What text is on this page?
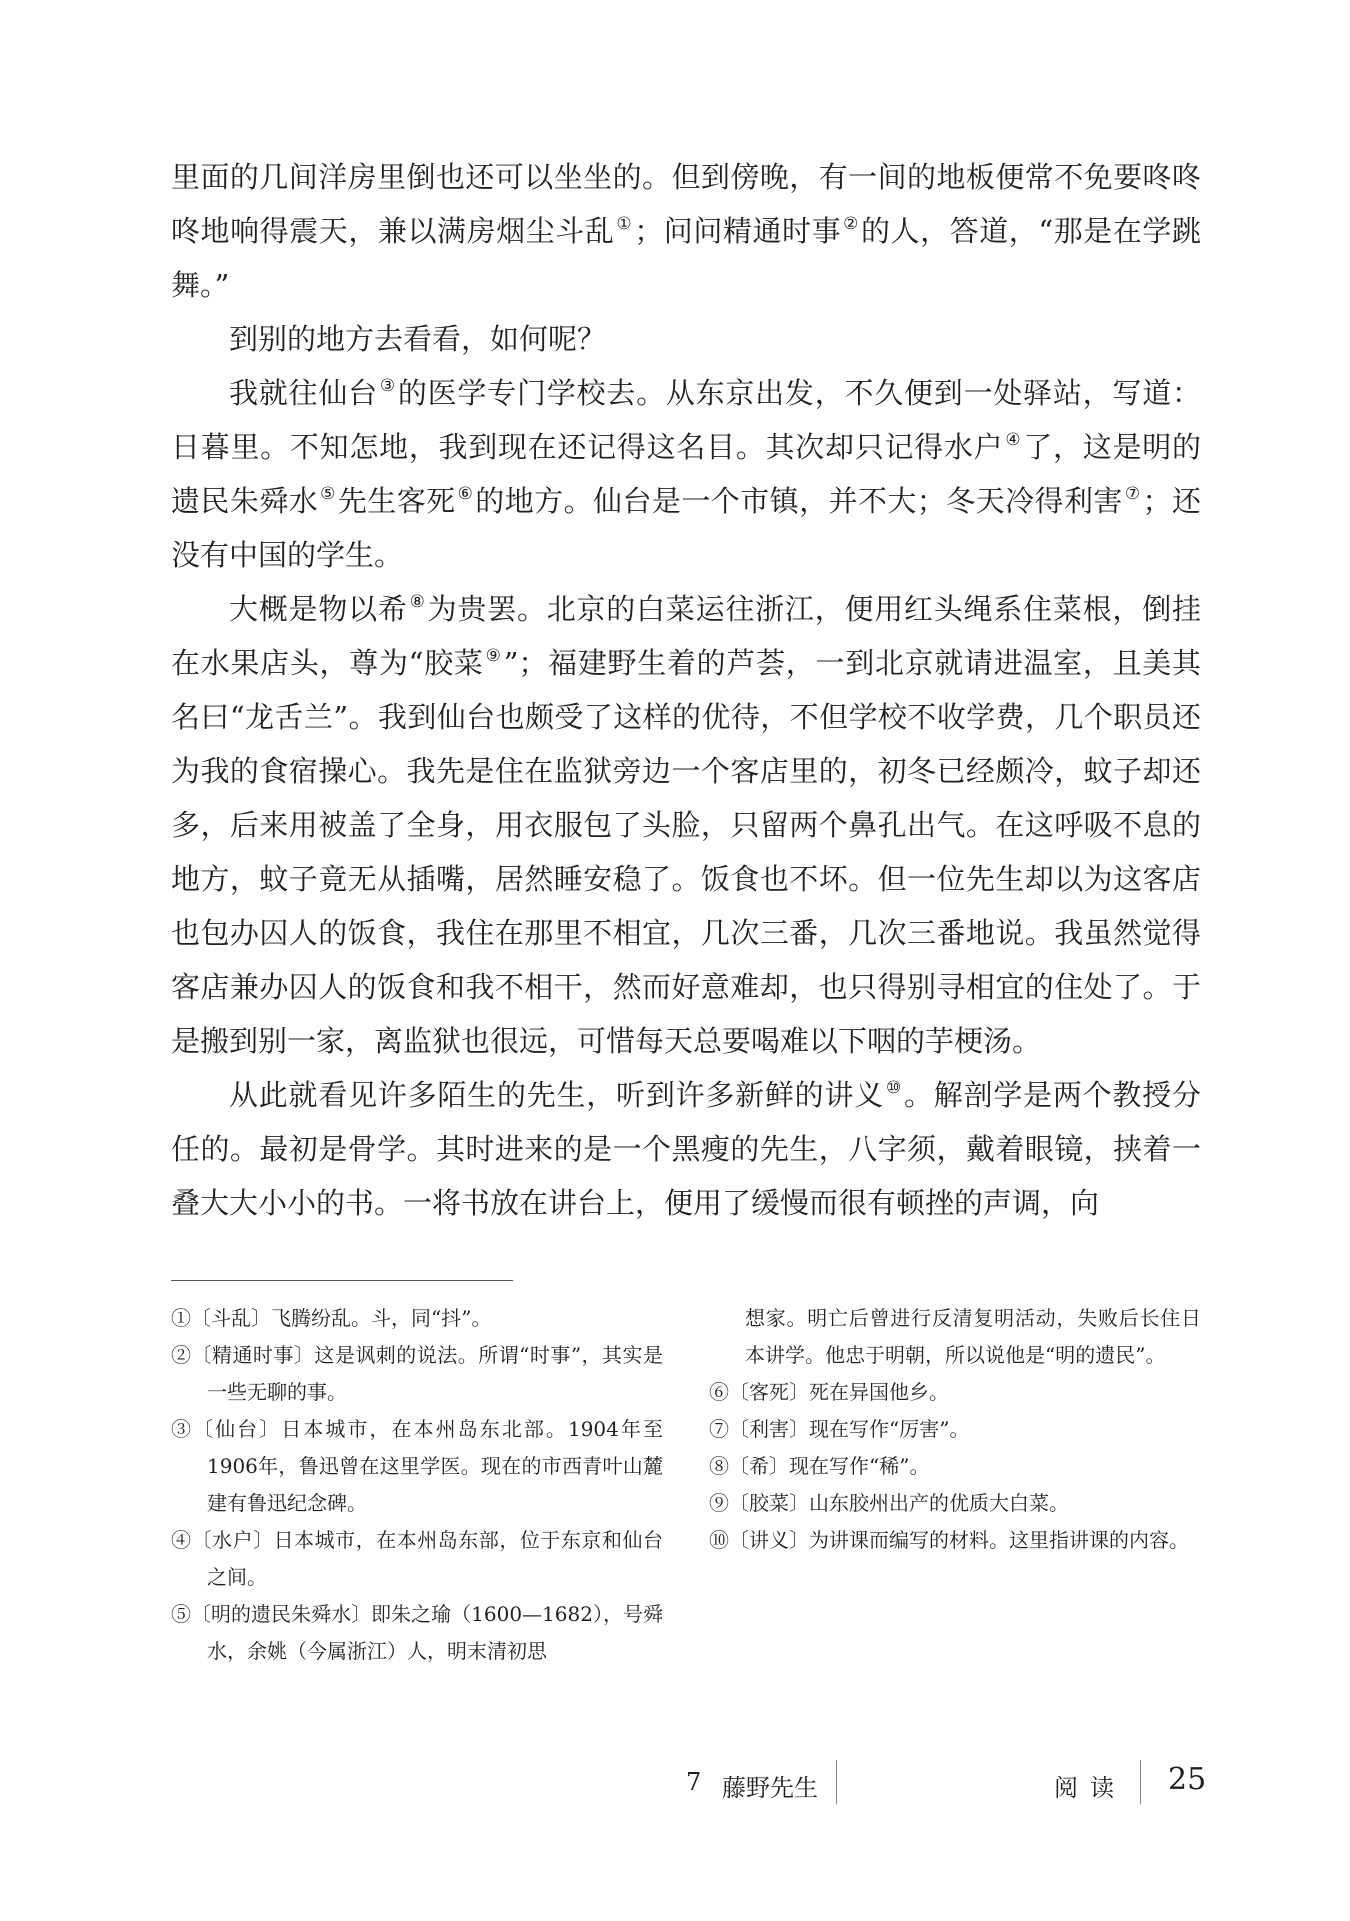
里面的几间洋房里倒也还可以坐坐的。但到傍晚，有一间的地板便常不免要咚咚咚地响得震天，兼以满房烟尘斗乱 ①；问问精通时事 ②的人，答道，“那是在学跳舞。”

到别的地方去看看，如何呢？

我就往仙台 ③的医学专门学校去。从东京出发，不久便到一处驿站，写道：日暮里。不知怎地，我到现在还记得这名目。其次却只记得水户 ④了，这是明的遗民朱舜水 ⑤先生客死 ⑥的地方。仙台是一个市镇，并不大；冬天冷得利害 ⑦；还没有中国的学生。

大概是物以希 ⑧为贵罢。北京的白菜运往浙江，便用红头绳系住菜根，倒挂在水果店头，尊为“胶菜 ⑨”；福建野生着的芦荟，一到北京就请进温室，且美其名曰“龙舌兰”。我到仙台也颇受了这样的优待，不但学校不收学费，几个职员还为我的食宿操心。我先是住在监狱旁边一个客店里的，初冬已经颇冷，蚊子却还多，后来用被盖了全身，用衣服包了头脸，只留两个鼻孔出气。在这呼吸不息的地方，蚊子竟无从插嘴，居然睡安稳了。饭食也不坏。但一位先生却以为这客店也包办囚人的饭食，我住在那里不相宜，几次三番，几次三番地说。我虽然觉得客店兼办囚人的饭食和我不相干，然而好意难却，也只得别寻相宜的住处了。于是搬到别一家，离监狱也很远，可惜每天总要喝难以下咽的芋梗汤。

从此就看见许多陌生的先生，听到许多新鲜的讲义 ⑩。解剖学是两个教授分任的。最初是骨学。其时进来的是一个黑瘦的先生，八字须，戴着眼镜，挟着一叠大大小小的书。一将书放在讲台上，便用了缓慢而很有顿挫的声调，向

①〔斗乱〕飞腾纷乱。斗，同“抖”。
②〔精通时事〕这是讽刺的说法。所谓“时事”，其实是一些无聊的事。
③〔仙台〕日本城市，在本州岛东北部。1904年至1906年，鲁迅曾在这里学医。现在的市西青叶山麓建有鲁迅纪念碑。
④〔水户〕日本城市，在本州岛东部，位于东京和仙台之间。
⑤〔明的遗民朱舜水〕即朱之瑜（1600—1682），号舜水，余姚（今属浙江）人，明末清初思
想家。明亡后曾进行反清复明活动，失败后长住日本讲学。他忠于明朝，所以说他是“明的遗民”。
⑥〔客死〕死在异国他乡。
⑦〔利害〕现在写作“厉害”。
⑧〔希〕现在写作“稀”。
⑨〔胶菜〕山东胶州出产的优质大白菜。
⑩〔讲义〕为讲课而编写的材料。这里指讲课的内容。
7 藤野先生	阅读 25
